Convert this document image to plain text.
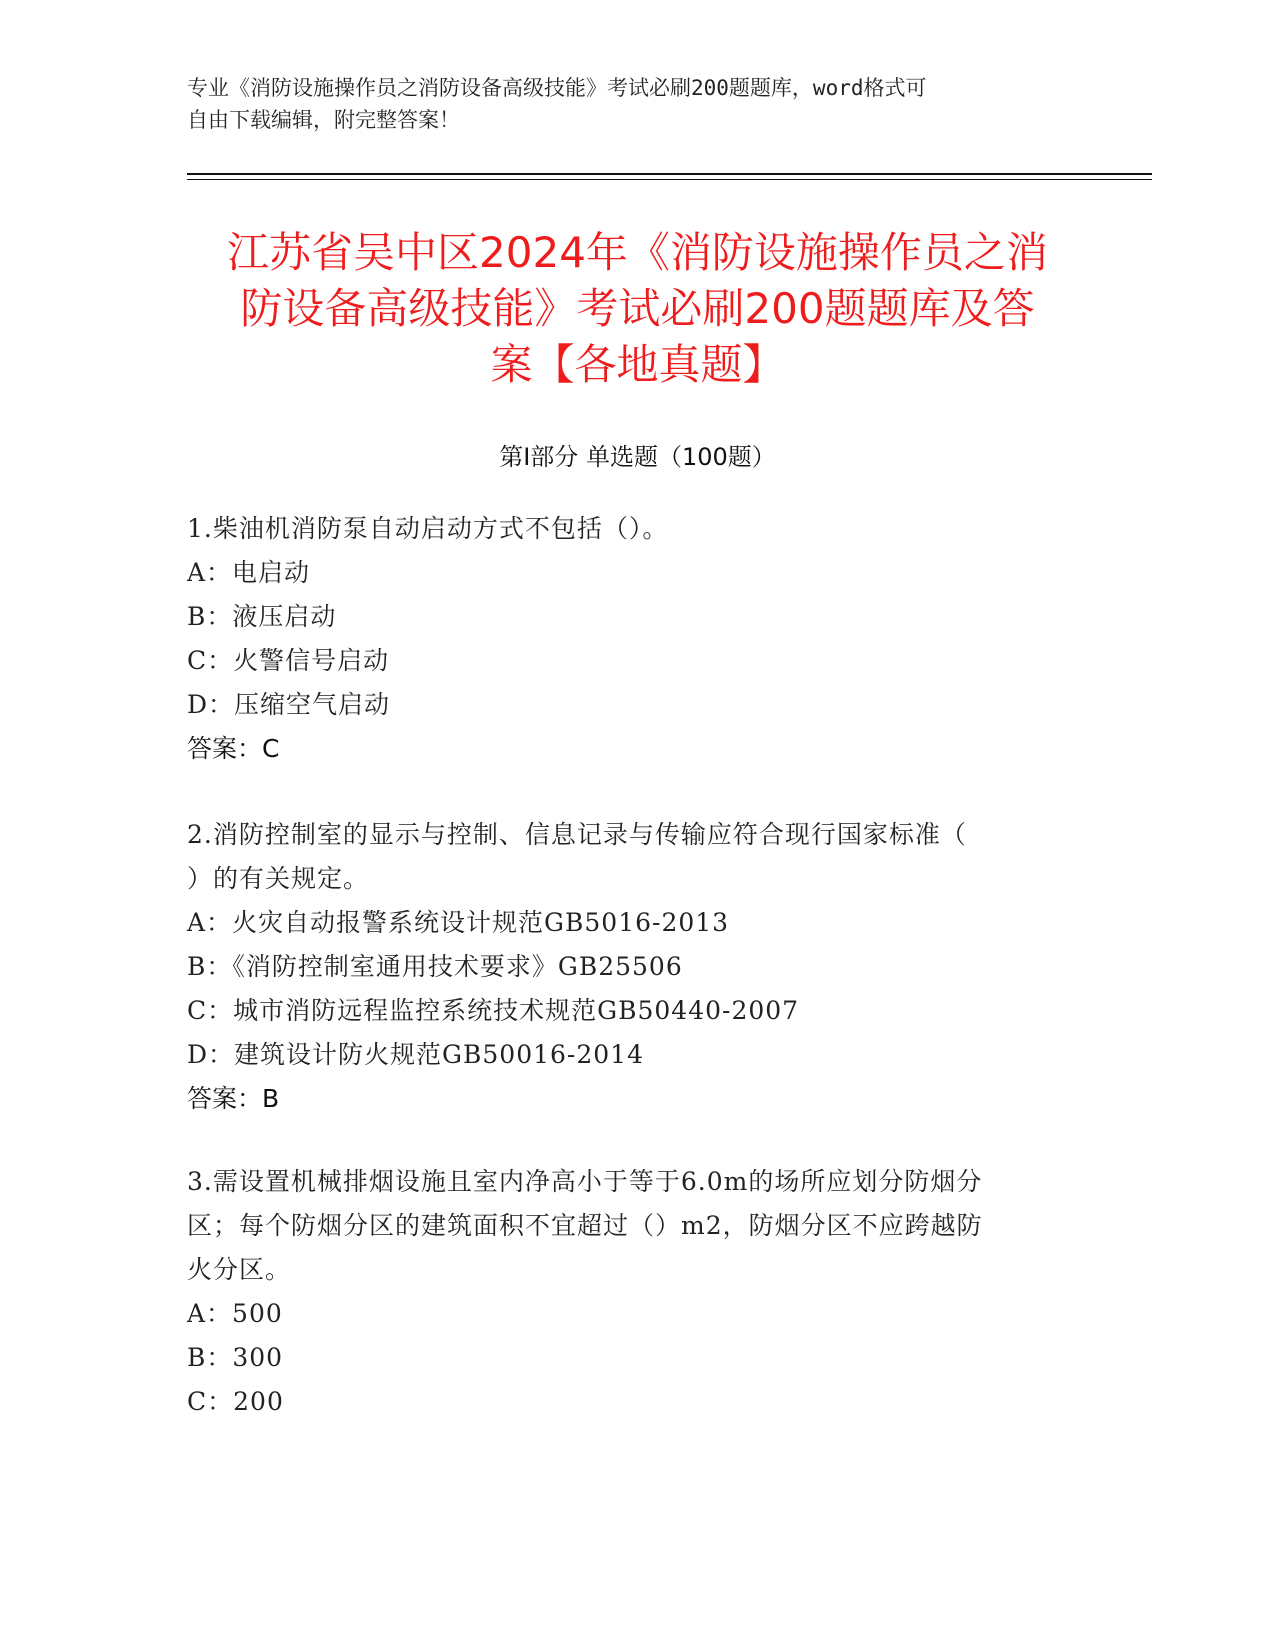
专业《消防设施操作员之消防设备高级技能》考试必刷200题题库，word格式可
自由下载编辑，附完整答案！
江苏省吴中区2024年《消防设施操作员之消
防设备高级技能》考试必刷200题题库及答
案【各地真题】
第I部分 单选题（100题）
1.柴油机消防泵自动启动方式不包括（）。
A：电启动
B：液压启动
C：火警信号启动
D：压缩空气启动
答案：C
2.消防控制室的显示与控制、信息记录与传输应符合现行国家标准（
）的有关规定。
A：火灾自动报警系统设计规范GB5016-2013
B：《消防控制室通用技术要求》GB25506
C：城市消防远程监控系统技术规范GB50440-2007
D：建筑设计防火规范GB50016-2014
答案：B
3.需设置机械排烟设施且室内净高小于等于6.0m的场所应划分防烟分
区；每个防烟分区的建筑面积不宜超过（）m2，防烟分区不应跨越防
火分区。
A：500
B：300
C：200
